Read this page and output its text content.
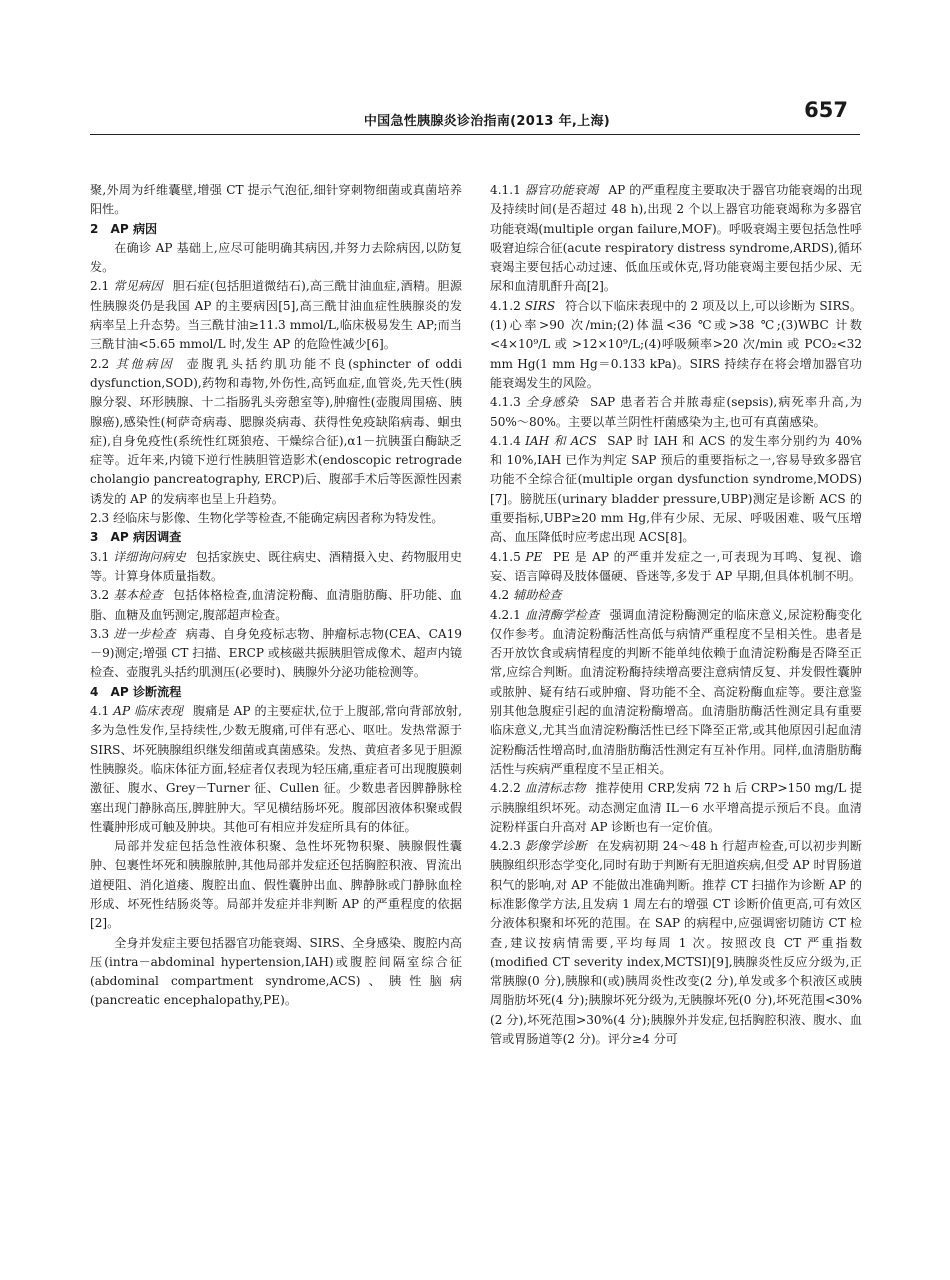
中国急性胰腺炎诊治指南(2013 年,上海)	657

聚,外周为纤维囊壁,增强 CT 提示气泡征,细针穿刺物细菌或真菌培养阳性。

2　AP 病因

在确诊 AP 基础上,应尽可能明确其病因,并努力去除病因,以防复发。

2.1 常见病因 胆石症(包括胆道微结石),高三酰甘油血症,酒精。胆源性胰腺炎仍是我国 AP 的主要病因[5],高三酰甘油血症性胰腺炎的发病率呈上升态势。当三酰甘油≥11.3 mmol/L,临床极易发生 AP;而当三酰甘油<5.65 mmol/L 时,发生 AP 的危险性减少[6]。

2.2 其他病因 壶腹乳头括约肌功能不良(sphincter of oddi dysfunction,SOD),药物和毒物,外伤性,高钙血症,血管炎,先天性(胰腺分裂、环形胰腺、十二指肠乳头旁憩室等),肿瘤性(壶腹周围癌、胰腺癌),感染性(柯萨奇病毒、腮腺炎病毒、获得性免疫缺陷病毒、蛔虫症),自身免疫性(系统性红斑狼疮、干燥综合征),α1－抗胰蛋白酶缺乏症等。近年来,内镜下逆行性胰胆管造影术(endoscopic retrograde cholangio pancreatography, ERCP)后、腹部手术后等医源性因素诱发的 AP 的发病率也呈上升趋势。

2.3 经临床与影像、生物化学等检查,不能确定病因者称为特发性。

3　AP 病因调查

3.1 详细询问病史 包括家族史、既往病史、酒精摄入史、药物服用史等。计算身体质量指数。

3.2 基本检查 包括体格检查,血清淀粉酶、血清脂肪酶、肝功能、血脂、血糖及血钙测定,腹部超声检查。

3.3 进一步检查 病毒、自身免疫标志物、肿瘤标志物(CEA、CA19－9)测定;增强 CT 扫描、ERCP 或核磁共振胰胆管成像术、超声内镜检查、壶腹乳头括约肌测压(必要时)、胰腺外分泌功能检测等。

4　AP 诊断流程

4.1 AP 临床表现 腹痛是 AP 的主要症状,位于上腹部,常向背部放射,多为急性发作,呈持续性,少数无腹痛,可伴有恶心、呕吐。发热常源于 SIRS、坏死胰腺组织继发细菌或真菌感染。发热、黄疸者多见于胆源性胰腺炎。临床体征方面,轻症者仅表现为轻压痛,重症者可出现腹膜刺激征、腹水、Grey－Turner 征、Cullen 征。少数患者因脾静脉栓塞出现门静脉高压,脾脏肿大。罕见横结肠坏死。腹部因液体积聚或假性囊肿形成可触及肿块。其他可有相应并发症所具有的体征。

局部并发症包括急性液体积聚、急性坏死物积聚、胰腺假性囊肿、包裹性坏死和胰腺脓肿,其他局部并发症还包括胸腔积液、胃流出道梗阻、消化道瘘、腹腔出血、假性囊肿出血、脾静脉或门静脉血栓形成、坏死性结肠炎等。局部并发症并非判断 AP 的严重程度的依据[2]。

全身并发症主要包括器官功能衰竭、SIRS、全身感染、腹腔内高压(intra－abdominal hypertension,IAH)或腹腔间隔室综合征(abdominal compartment syndrome,ACS)、胰性脑病(pancreatic encephalopathy,PE)。

4.1.1 器官功能衰竭 AP 的严重程度主要取决于器官功能衰竭的出现及持续时间(是否超过 48 h),出现 2 个以上器官功能衰竭称为多器官功能衰竭(multiple organ failure,MOF)。呼吸衰竭主要包括急性呼吸窘迫综合征(acute respiratory distress syndrome,ARDS),循环衰竭主要包括心动过速、低血压或休克,肾功能衰竭主要包括少尿、无尿和血清肌酐升高[2]。

4.1.2 SIRS 符合以下临床表现中的 2 项及以上,可以诊断为 SIRS。(1)心率>90 次/min;(2)体温<36 ℃或>38 ℃;(3)WBC 计数 <4×10⁹/L 或 >12×10⁹/L;(4)呼吸频率>20 次/min 或 PCO₂<32 mm Hg(1 mm Hg＝0.133 kPa)。SIRS 持续存在将会增加器官功能衰竭发生的风险。

4.1.3 全身感染 SAP 患者若合并脓毒症(sepsis),病死率升高,为 50%～80%。主要以革兰阴性杆菌感染为主,也可有真菌感染。

4.1.4 IAH 和 ACS SAP 时 IAH 和 ACS 的发生率分别约为 40% 和 10%,IAH 已作为判定 SAP 预后的重要指标之一,容易导致多器官功能不全综合征(multiple organ dysfunction syndrome,MODS)[7]。膀胱压(urinary bladder pressure,UBP)测定是诊断 ACS 的重要指标,UBP≥20 mm Hg,伴有少尿、无尿、呼吸困难、吸气压增高、血压降低时应考虑出现 ACS[8]。

4.1.5 PE PE 是 AP 的严重并发症之一,可表现为耳鸣、复视、谵妄、语言障碍及肢体僵硬、昏迷等,多发于 AP 早期,但具体机制不明。

4.2 辅助检查

4.2.1 血清酶学检查 强调血清淀粉酶测定的临床意义,尿淀粉酶变化仅作参考。血清淀粉酶活性高低与病情严重程度不呈相关性。患者是否开放饮食或病情程度的判断不能单纯依赖于血清淀粉酶是否降至正常,应综合判断。血清淀粉酶持续增高要注意病情反复、并发假性囊肿或脓肿、疑有结石或肿瘤、肾功能不全、高淀粉酶血症等。要注意鉴别其他急腹症引起的血清淀粉酶增高。血清脂肪酶活性测定具有重要临床意义,尤其当血清淀粉酶活性已经下降至正常,或其他原因引起血清淀粉酶活性增高时,血清脂肪酶活性测定有互补作用。同样,血清脂肪酶活性与疾病严重程度不呈正相关。

4.2.2 血清标志物 推荐使用 CRP,发病 72 h 后 CRP>150 mg/L 提示胰腺组织坏死。动态测定血清 IL－6 水平增高提示预后不良。血清淀粉样蛋白升高对 AP 诊断也有一定价值。

4.2.3 影像学诊断 在发病初期 24～48 h 行超声检查,可以初步判断胰腺组织形态学变化,同时有助于判断有无胆道疾病,但受 AP 时胃肠道积气的影响,对 AP 不能做出准确判断。推荐 CT 扫描作为诊断 AP 的标准影像学方法,且发病 1 周左右的增强 CT 诊断价值更高,可有效区分液体积聚和坏死的范围。在 SAP 的病程中,应强调密切随访 CT 检查,建议按病情需要,平均每周 1 次。按照改良 CT 严重指数(modified CT severity index,MCTSI)[9],胰腺炎性反应分级为,正常胰腺(0 分),胰腺和(或)胰周炎性改变(2 分),单发或多个积液区或胰周脂肪坏死(4 分);胰腺坏死分级为,无胰腺坏死(0 分),坏死范围<30%(2 分),坏死范围>30%(4 分);胰腺外并发症,包括胸腔积液、腹水、血管或胃肠道等(2 分)。评分≥4 分可
